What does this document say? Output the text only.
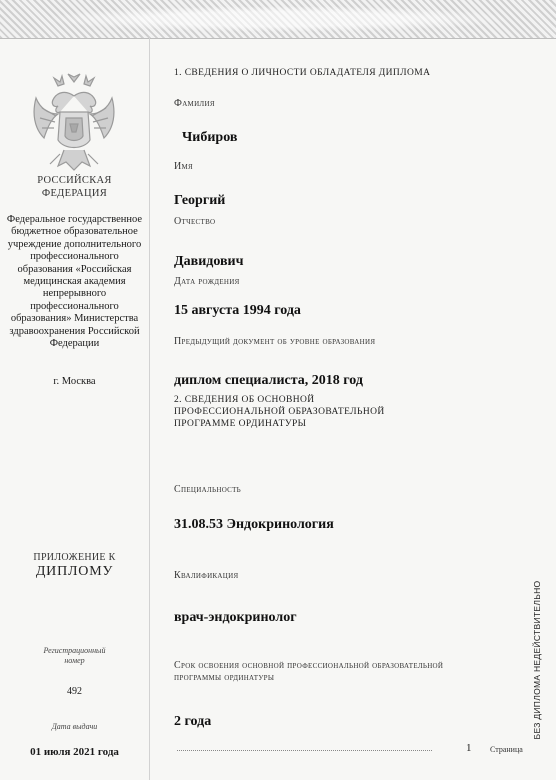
РОССИЙСКАЯ
ФЕДЕРАЦИЯ
Федеральное государственное бюджетное образовательное учреждение дополнительного профессионального образования «Российская медицинская академия непрерывного профессионального образования» Министерства здравоохранения Российской Федерации
г. Москва
ПРИЛОЖЕНИЕ К
ДИПЛОМУ
Регистрационный
номер
492
Дата выдачи
01 июля 2021 года
1. СВЕДЕНИЯ О ЛИЧНОСТИ ОБЛАДАТЕЛЯ ДИПЛОМА
Фамилия
Чибиров
Имя
Георгий
Отчество
Давидович
Дата рождения
15 августа 1994 года
Предыдущий документ об уровне образования
диплом специалиста, 2018 год
2. СВЕДЕНИЯ ОБ ОСНОВНОЙ ПРОФЕССИОНАЛЬНОЙ ОБРАЗОВАТЕЛЬНОЙ ПРОГРАММЕ ОРДИНАТУРЫ
Специальность
31.08.53 Эндокринология
Квалификация
врач-эндокринолог
Срок освоения основной профессиональной образовательной программы ординатуры
2 года
1 Страница
БЕЗ ДИПЛОМА НЕДЕЙСТВИТЕЛЬНО
